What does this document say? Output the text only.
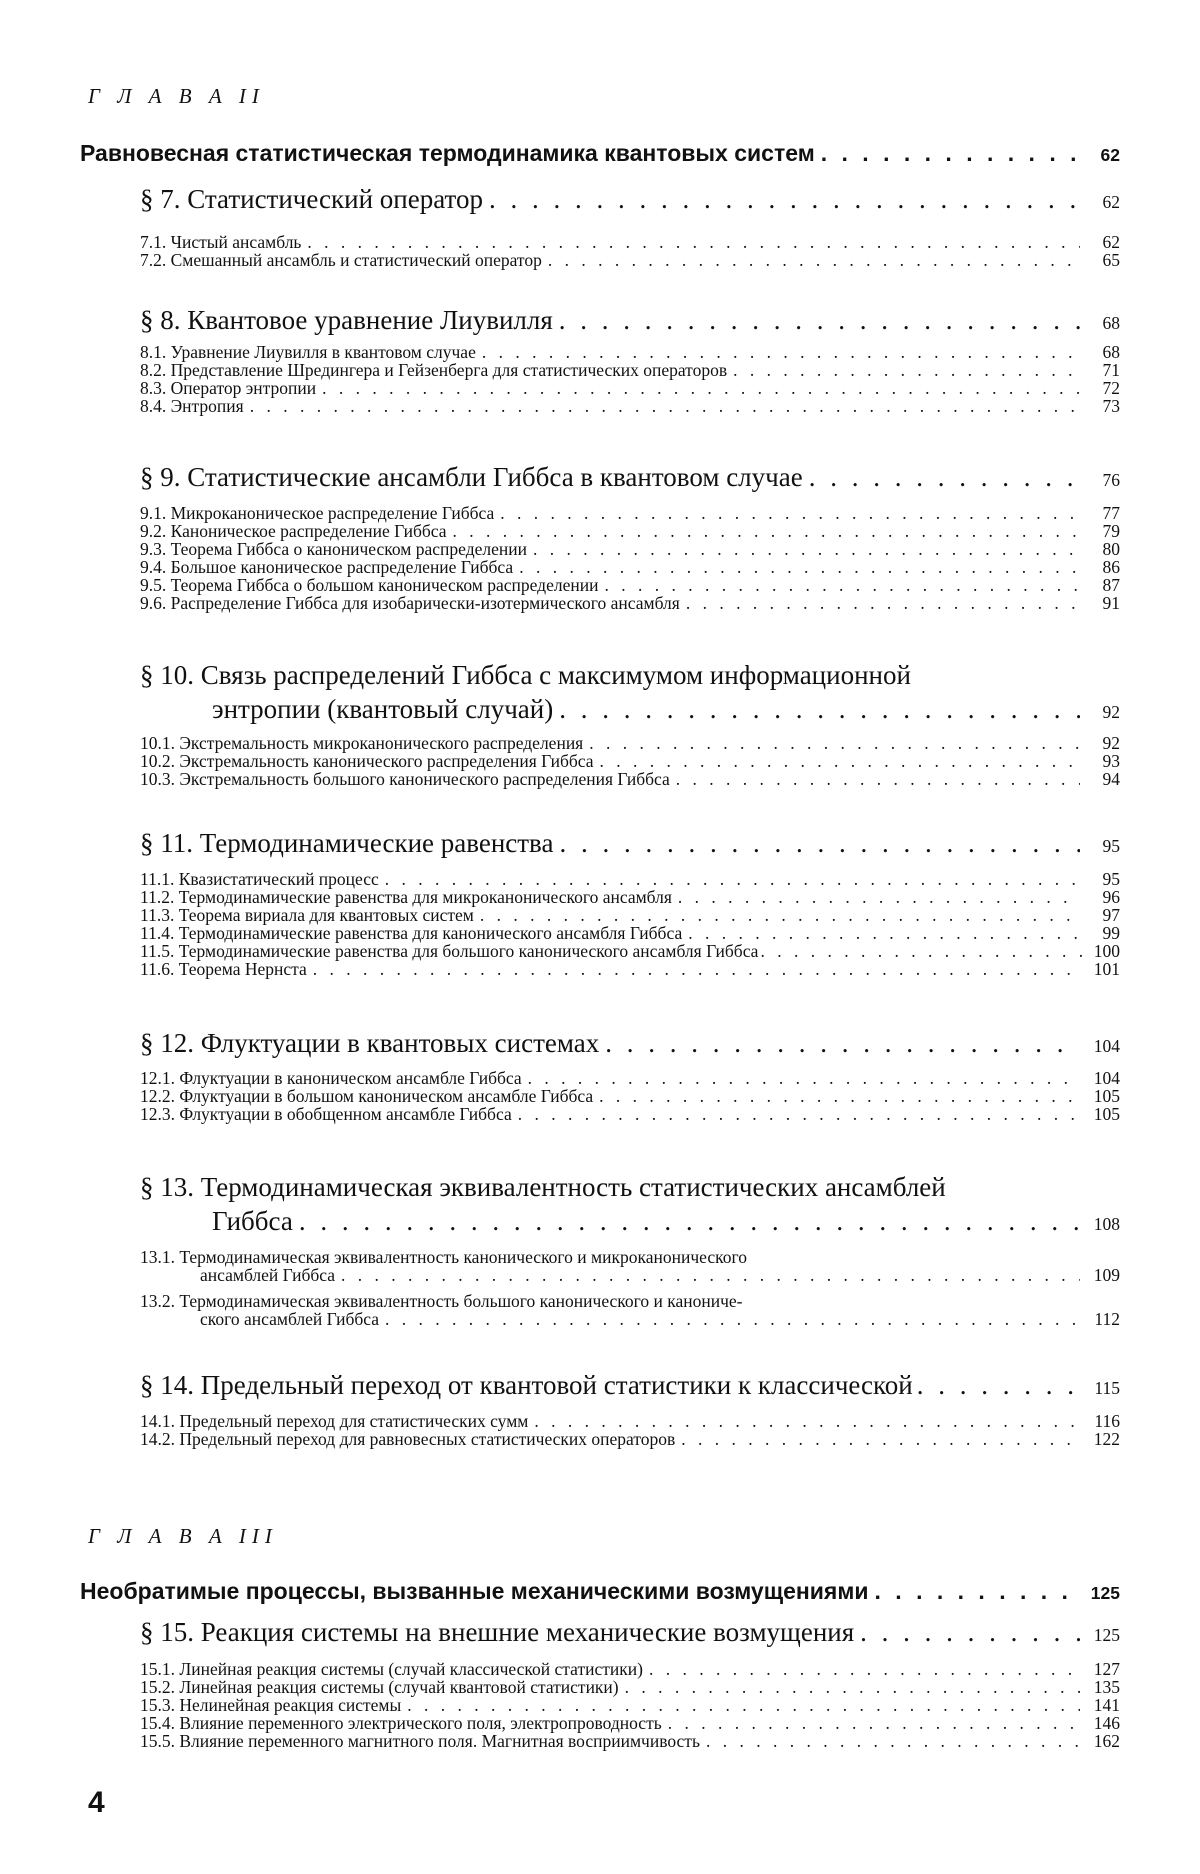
Г Л А В А II
Равновесная статистическая термодинамика квантовых систем . . . . . . . . . . . . .	62
§ 7. Статистический оператор . . . . . . . . . . . . . . . . . . . . . . . . . . . .	62
7.1. Чистый ансамбль . . . . . . . . . . . . . . . . . . . . . . . . . . . . . . . . . . . . . . . . . . . . . .	62
7.2. Смешанный ансамбль и статистический оператор . . . . . . . . . . . . . . . . . . . . . . . . . . . . . . . .	65
§ 8. Квантовое уравнение Лиувилля . . . . . . . . . . . . . . . . . . . . . . . .	68
8.1. Уравнение Лиувилля в квантовом случае . . . . . . . . . . . . . . . . . . . . . . . . . . . . . . . . . . . .	68
8.2. Представление Шредингера и Гейзенберга для статистических операторов . . . . . . . . . . . . . . . . . . . . .	71
8.3. Оператор энтропии . . . . . . . . . . . . . . . . . . . . . . . . . . . . . . . . . . . . . . . . . . . . .	72
8.4. Энтропия . . . . . . . . . . . . . . . . . . . . . . . . . . . . . . . . . . . . . . . . . . . . . . . . . .	73
§ 9. Статистические ансамбли Гиббса в квантовом случае . . . . . . . . . . . . .	76
9.1. Микроканоническое распределение Гиббса . . . . . . . . . . . . . . . . . . . . . . . . . . . . . . . . . . .	77
9.2. Каноническое распределение Гиббса . . . . . . . . . . . . . . . . . . . . . . . . . . . . . . . . . . . . . .	79
9.3. Теорема Гиббса о каноническом распределении . . . . . . . . . . . . . . . . . . . . . . . . . . . . . . . . .	80
9.4. Большое каноническое распределение Гиббса . . . . . . . . . . . . . . . . . . . . . . . . . . . . . . . . . .	86
9.5. Теорема Гиббса о большом каноническом распределении . . . . . . . . . . . . . . . . . . . . . . . . . . . .	87
9.6. Распределение Гиббса для изобарически-изотермического ансамбля . . . . . . . . . . . . . . . . . . . . . . . .	91
§ 10. Связь распределений Гиббса с максимумом информационной
энтропии (квантовый случай) . . . . . . . . . . . . . . . . . . . . . . . .	92
10.1. Экстремальность микроканонического распределения . . . . . . . . . . . . . . . . . . . . . . . . . . . . .	92
10.2. Экстремальность канонического распределения Гиббса . . . . . . . . . . . . . . . . . . . . . . . . . . . . .	93
10.3. Экстремальность большого канонического распределения Гиббса . . . . . . . . . . . . . . . . . . . . . . . .	94
§ 11. Термодинамические равенства . . . . . . . . . . . . . . . . . . . . . . . .	95
11.1. Квазистатический процесс . . . . . . . . . . . . . . . . . . . . . . . . . . . . . . . . . . . . . . . . . .	95
11.2. Термодинамические равенства для микроканонического ансамбля . . . . . . . . . . . . . . . . . . . . . . . .	96
11.3. Теорема вириала для квантовых систем . . . . . . . . . . . . . . . . . . . . . . . . . . . . . . . . . . . .	97
11.4. Термодинамические равенства для канонического ансамбля Гиббса . . . . . . . . . . . . . . . . . . . . . . .	99
11.5. Термодинамические равенства для большого канонического ансамбля Гиббса . . . . . . . . . . . . . . . . . . .	100
11.6. Теорема Нернста . . . . . . . . . . . . . . . . . . . . . . . . . . . . . . . . . . . . . . . . . . . . . .	101
§ 12. Флуктуации в квантовых системах . . . . . . . . . . . . . . . . . . . . . .	104
12.1. Флуктуации в каноническом ансамбле Гиббса . . . . . . . . . . . . . . . . . . . . . . . . . . . . . . . . .	104
12.2. Флуктуации в большом каноническом ансамбле Гиббса . . . . . . . . . . . . . . . . . . . . . . . . . . . . . 105
12.3. Флуктуации в обобщенном ансамбле Гиббса . . . . . . . . . . . . . . . . . . . . . . . . . . . . . . . . . . 105
§ 13. Термодинамическая эквивалентность статистических ансамблей
Гиббса . . . . . . . . . . . . . . . . . . . . . . . . . . . . . . . . . . . .	108
13.1. Термодинамическая эквивалентность канонического и микроканонического
ансамблей Гиббса . . . . . . . . . . . . . . . . . . . . . . . . . . . . . . . . . . . . . . . . . . . .	109
13.2. Термодинамическая эквивалентность большого канонического и канониче-
ского ансамблей Гиббса . . . . . . . . . . . . . . . . . . . . . . . . . . . . . . . . . . . . . . . . . . 112
§ 14. Предельный переход от квантовой статистики к классической . . . . . . . . 115
14.1. Предельный переход для статистических сумм . . . . . . . . . . . . . . . . . . . . . . . . . . . . . . . . . 116
14.2. Предельный переход для равновесных статистических операторов . . . . . . . . . . . . . . . . . . . . . . . .	122
Г Л А В А III
Необратимые процессы, вызванные механическими возмущениями . . . . . . . . . .	125
§ 15. Реакция системы на внешние механические возмущения . . . . . . . . . .	125
15.1. Линейная реакция системы (случай классической статистики) . . . . . . . . . . . . . . . . . . . . . . . . . .	127
15.2. Линейная реакция системы (случай квантовой статистики) . . . . . . . . . . . . . . . . . . . . . . . . . . .	135
15.3. Нелинейная реакция системы . . . . . . . . . . . . . . . . . . . . . . . . . . . . . . . . . . . . . . . .	141
15.4. Влияние переменного электрического поля, электропроводность . . . . . . . . . . . . . . . . . . . . . . . . . 146
15.5. Влияние переменного магнитного поля. Магнитная восприимчивость . . . . . . . . . . . . . . . . . . . . . .	162
4
